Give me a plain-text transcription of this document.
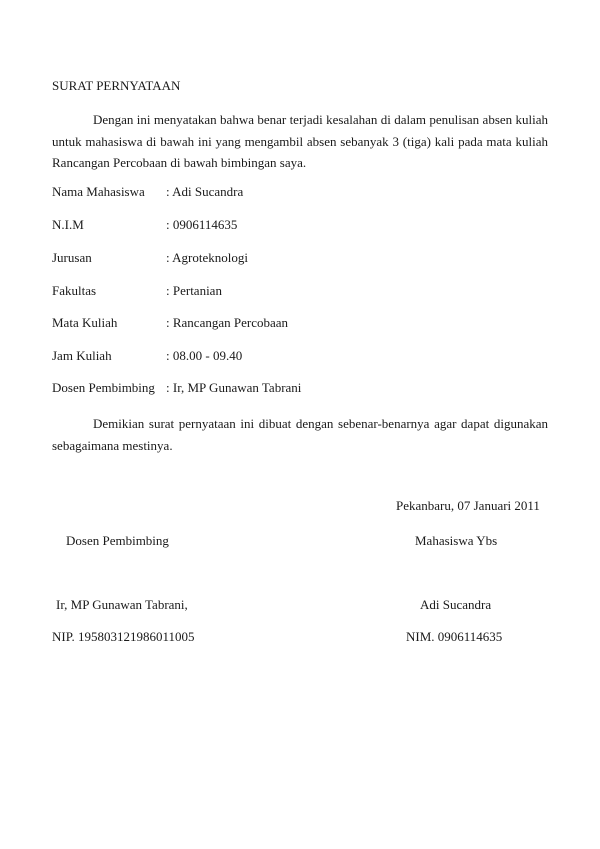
SURAT PERNYATAAN

Dengan ini menyatakan bahwa benar terjadi kesalahan di dalam penulisan absen kuliah untuk mahasiswa di bawah ini yang mengambil absen sebanyak 3 (tiga) kali pada mata kuliah Rancangan Percobaan di bawah bimbingan saya.

Nama Mahasiswa : Adi Sucandra
N.I.M	: 0906114635
Jurusan	: Agroteknologi
Fakultas	: Pertanian
Mata Kuliah	: Rancangan Percobaan
Jam Kuliah	: 08.00 - 09.40
Dosen Pembimbing : Ir, MP Gunawan Tabrani

Demikian surat pernyataan ini dibuat dengan sebenar-benarnya agar dapat digunakan sebagaimana mestinya.

Pekanbaru, 07 Januari 2011
Dosen Pembimbing	Mahasiswa Ybs
Ir, MP Gunawan Tabrani,	Adi Sucandra
NIP. 195803121986011005	NIM. 0906114635
